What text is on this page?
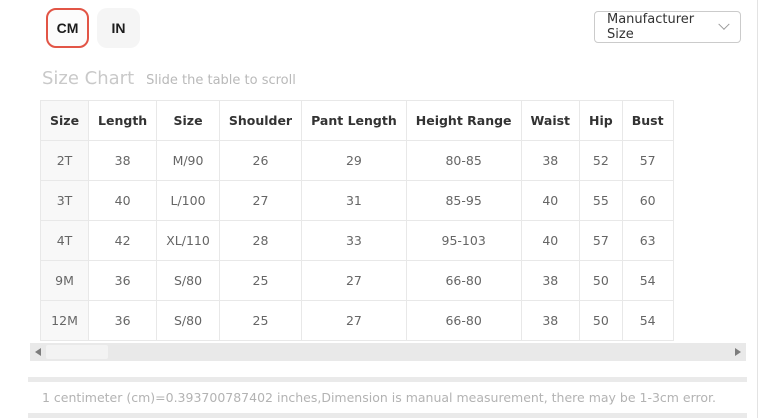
CM	IN
Manufacturer Size
Size Chart Slide the table to scroll
Size	Length	Size	Shoulder	Pant Length	Height Range	Waist	Hip	Bust
2T	38	M/90	26	29	80-85	38	52	57
3T	40	L/100	27	31	85-95	40	55	60
4T	42	XL/110	28	33	95-103	40	57	63
9M	36	S/80	25	27	66-80	38	50	54
12M	36	S/80	25	27	66-80	38	50	54
1 centimeter (cm)=0.393700787402 inches,Dimension is manual measurement, there may be 1-3cm error.
